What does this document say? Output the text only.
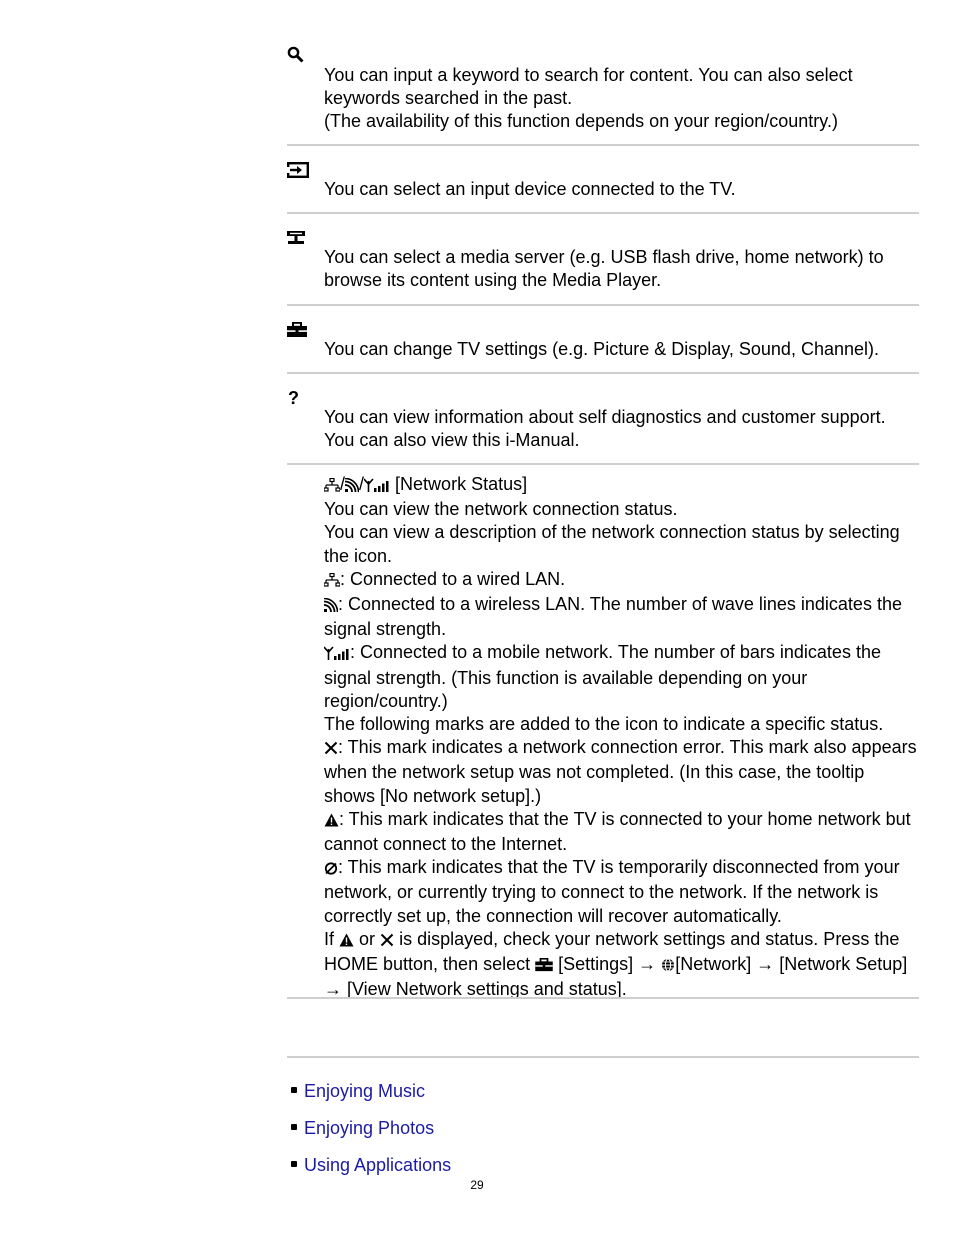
You can input a keyword to search for content. You can also select keywords searched in the past.

(The availability of this function depends on your region/country.)

You can select an input device connected to the TV.

You can select a media server (e.g. USB flash drive, home network) to browse its content using the Media Player.

You can change TV settings (e.g. Picture & Display, Sound, Channel).

?

You can view information about self diagnostics and customer support. You can also view this i-Manual.

/ / [Network Status]

You can view the network connection status.

You can view a description of the network connection status by selecting the icon.

: Connected to a wired LAN.

: Connected to a wireless LAN. The number of wave lines indicates the signal strength.

: Connected to a mobile network. The number of bars indicates the signal strength. (This function is available depending on your region/country.)

The following marks are added to the icon to indicate a specific status.

: This mark indicates a network connection error. This mark also appears when the network setup was not completed. (In this case, the tooltip shows [No network setup].)

: This mark indicates that the TV is connected to your home network but cannot connect to the Internet.

: This mark indicates that the TV is temporarily disconnected from your network, or currently trying to connect to the network. If the network is correctly set up, the connection will recover automatically.

If or is displayed, check your network settings and status. Press the HOME button, then select [Settings] → [Network] → [Network Setup] → [View Network settings and status].

Enjoying Music
Enjoying Photos
Using Applications
29
